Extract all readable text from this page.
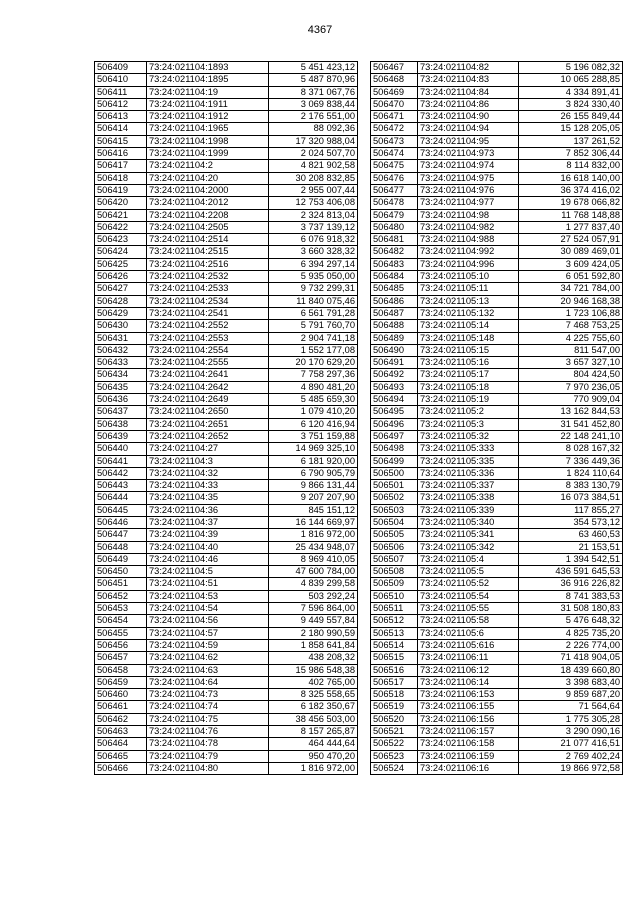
4367
506409	73:24:021104:1893	5 451 423,12
506410	73:24:021104:1895	5 487 870,96
506411	73:24:021104:19	8 371 067,76
506412	73:24:021104:1911	3 069 838,44
506413	73:24:021104:1912	2 176 551,00
506414	73:24:021104:1965	88 092,36
506415	73:24:021104:1998	17 320 988,04
506416	73:24:021104:1999	2 024 507,70
506417	73:24:021104:2	4 821 902,58
506418	73:24:021104:20	30 208 832,85
506419	73:24:021104:2000	2 955 007,44
506420	73:24:021104:2012	12 753 406,08
506421	73:24:021104:2208	2 324 813,04
506422	73:24:021104:2505	3 737 139,12
506423	73:24:021104:2514	6 076 918,32
506424	73:24:021104:2515	3 660 328,32
506425	73:24:021104:2516	6 394 297,14
506426	73:24:021104:2532	5 935 050,00
506427	73:24:021104:2533	9 732 299,31
506428	73:24:021104:2534	11 840 075,46
506429	73:24:021104:2541	6 561 791,28
506430	73:24:021104:2552	5 791 760,70
506431	73:24:021104:2553	2 904 741,18
506432	73:24:021104:2554	1 552 177,08
506433	73:24:021104:2555	20 170 629,20
506434	73:24:021104:2641	7 758 297,36
506435	73:24:021104:2642	4 890 481,20
506436	73:24:021104:2649	5 485 659,30
506437	73:24:021104:2650	1 079 410,20
506438	73:24:021104:2651	6 120 416,94
506439	73:24:021104:2652	3 751 159,88
506440	73:24:021104:27	14 969 325,10
506441	73:24:021104:3	6 181 920,00
506442	73:24:021104:32	6 790 905,79
506443	73:24:021104:33	9 866 131,44
506444	73:24:021104:35	9 207 207,90
506445	73:24:021104:36	845 151,12
506446	73:24:021104:37	16 144 669,97
506447	73:24:021104:39	1 816 972,00
506448	73:24:021104:40	25 434 948,07
506449	73:24:021104:46	8 969 410,05
506450	73:24:021104:5	47 600 784,00
506451	73:24:021104:51	4 839 299,58
506452	73:24:021104:53	503 292,24
506453	73:24:021104:54	7 596 864,00
506454	73:24:021104:56	9 449 557,84
506455	73:24:021104:57	2 180 990,59
506456	73:24:021104:59	1 858 641,84
506457	73:24:021104:62	438 208,32
506458	73:24:021104:63	15 986 548,38
506459	73:24:021104:64	402 765,00
506460	73:24:021104:73	8 325 558,65
506461	73:24:021104:74	6 182 350,67
506462	73:24:021104:75	38 456 503,00
506463	73:24:021104:76	8 157 265,87
506464	73:24:021104:78	464 444,64
506465	73:24:021104:79	950 470,20
506466	73:24:021104:80	1 816 972,00
506467	73:24:021104:82	5 196 082,32
506468	73:24:021104:83	10 065 288,85
506469	73:24:021104:84	4 334 891,41
506470	73:24:021104:86	3 824 330,40
506471	73:24:021104:90	26 155 849,44
506472	73:24:021104:94	15 128 205,05
506473	73:24:021104:95	137 261,52
506474	73:24:021104:973	7 852 306,44
506475	73:24:021104:974	8 114 832,00
506476	73:24:021104:975	16 618 140,00
506477	73:24:021104:976	36 374 416,02
506478	73:24:021104:977	19 678 066,82
506479	73:24:021104:98	11 768 148,88
506480	73:24:021104:982	1 277 837,40
506481	73:24:021104:988	27 524 057,91
506482	73:24:021104:992	30 089 469,01
506483	73:24:021104:996	3 609 424,05
506484	73:24:021105:10	6 051 592,80
506485	73:24:021105:11	34 721 784,00
506486	73:24:021105:13	20 946 168,38
506487	73:24:021105:132	1 723 106,88
506488	73:24:021105:14	7 468 753,25
506489	73:24:021105:148	4 225 755,60
506490	73:24:021105:15	811 547,00
506491	73:24:021105:16	3 657 327,10
506492	73:24:021105:17	804 424,50
506493	73:24:021105:18	7 970 236,05
506494	73:24:021105:19	770 909,04
506495	73:24:021105:2	13 162 844,53
506496	73:24:021105:3	31 541 452,80
506497	73:24:021105:32	22 148 241,10
506498	73:24:021105:333	8 028 167,32
506499	73:24:021105:335	7 336 449,36
506500	73:24:021105:336	1 824 110,64
506501	73:24:021105:337	8 383 130,79
506502	73:24:021105:338	16 073 384,51
506503	73:24:021105:339	117 855,27
506504	73:24:021105:340	354 573,12
506505	73:24:021105:341	63 460,53
506506	73:24:021105:342	21 153,51
506507	73:24:021105:4	1 394 542,51
506508	73:24:021105:5	436 591 645,53
506509	73:24:021105:52	36 916 226,82
506510	73:24:021105:54	8 741 383,53
506511	73:24:021105:55	31 508 180,83
506512	73:24:021105:58	5 476 648,32
506513	73:24:021105:6	4 825 735,20
506514	73:24:021105:616	2 226 774,00
506515	73:24:021106:11	71 418 904,05
506516	73:24:021106:12	18 439 660,80
506517	73:24:021106:14	3 398 683,40
506518	73:24:021106:153	9 859 687,20
506519	73:24:021106:155	71 564,64
506520	73:24:021106:156	1 775 305,28
506521	73:24:021106:157	3 290 090,16
506522	73:24:021106:158	21 077 416,51
506523	73:24:021106:159	2 769 402,24
506524	73:24:021106:16	19 866 972,58
